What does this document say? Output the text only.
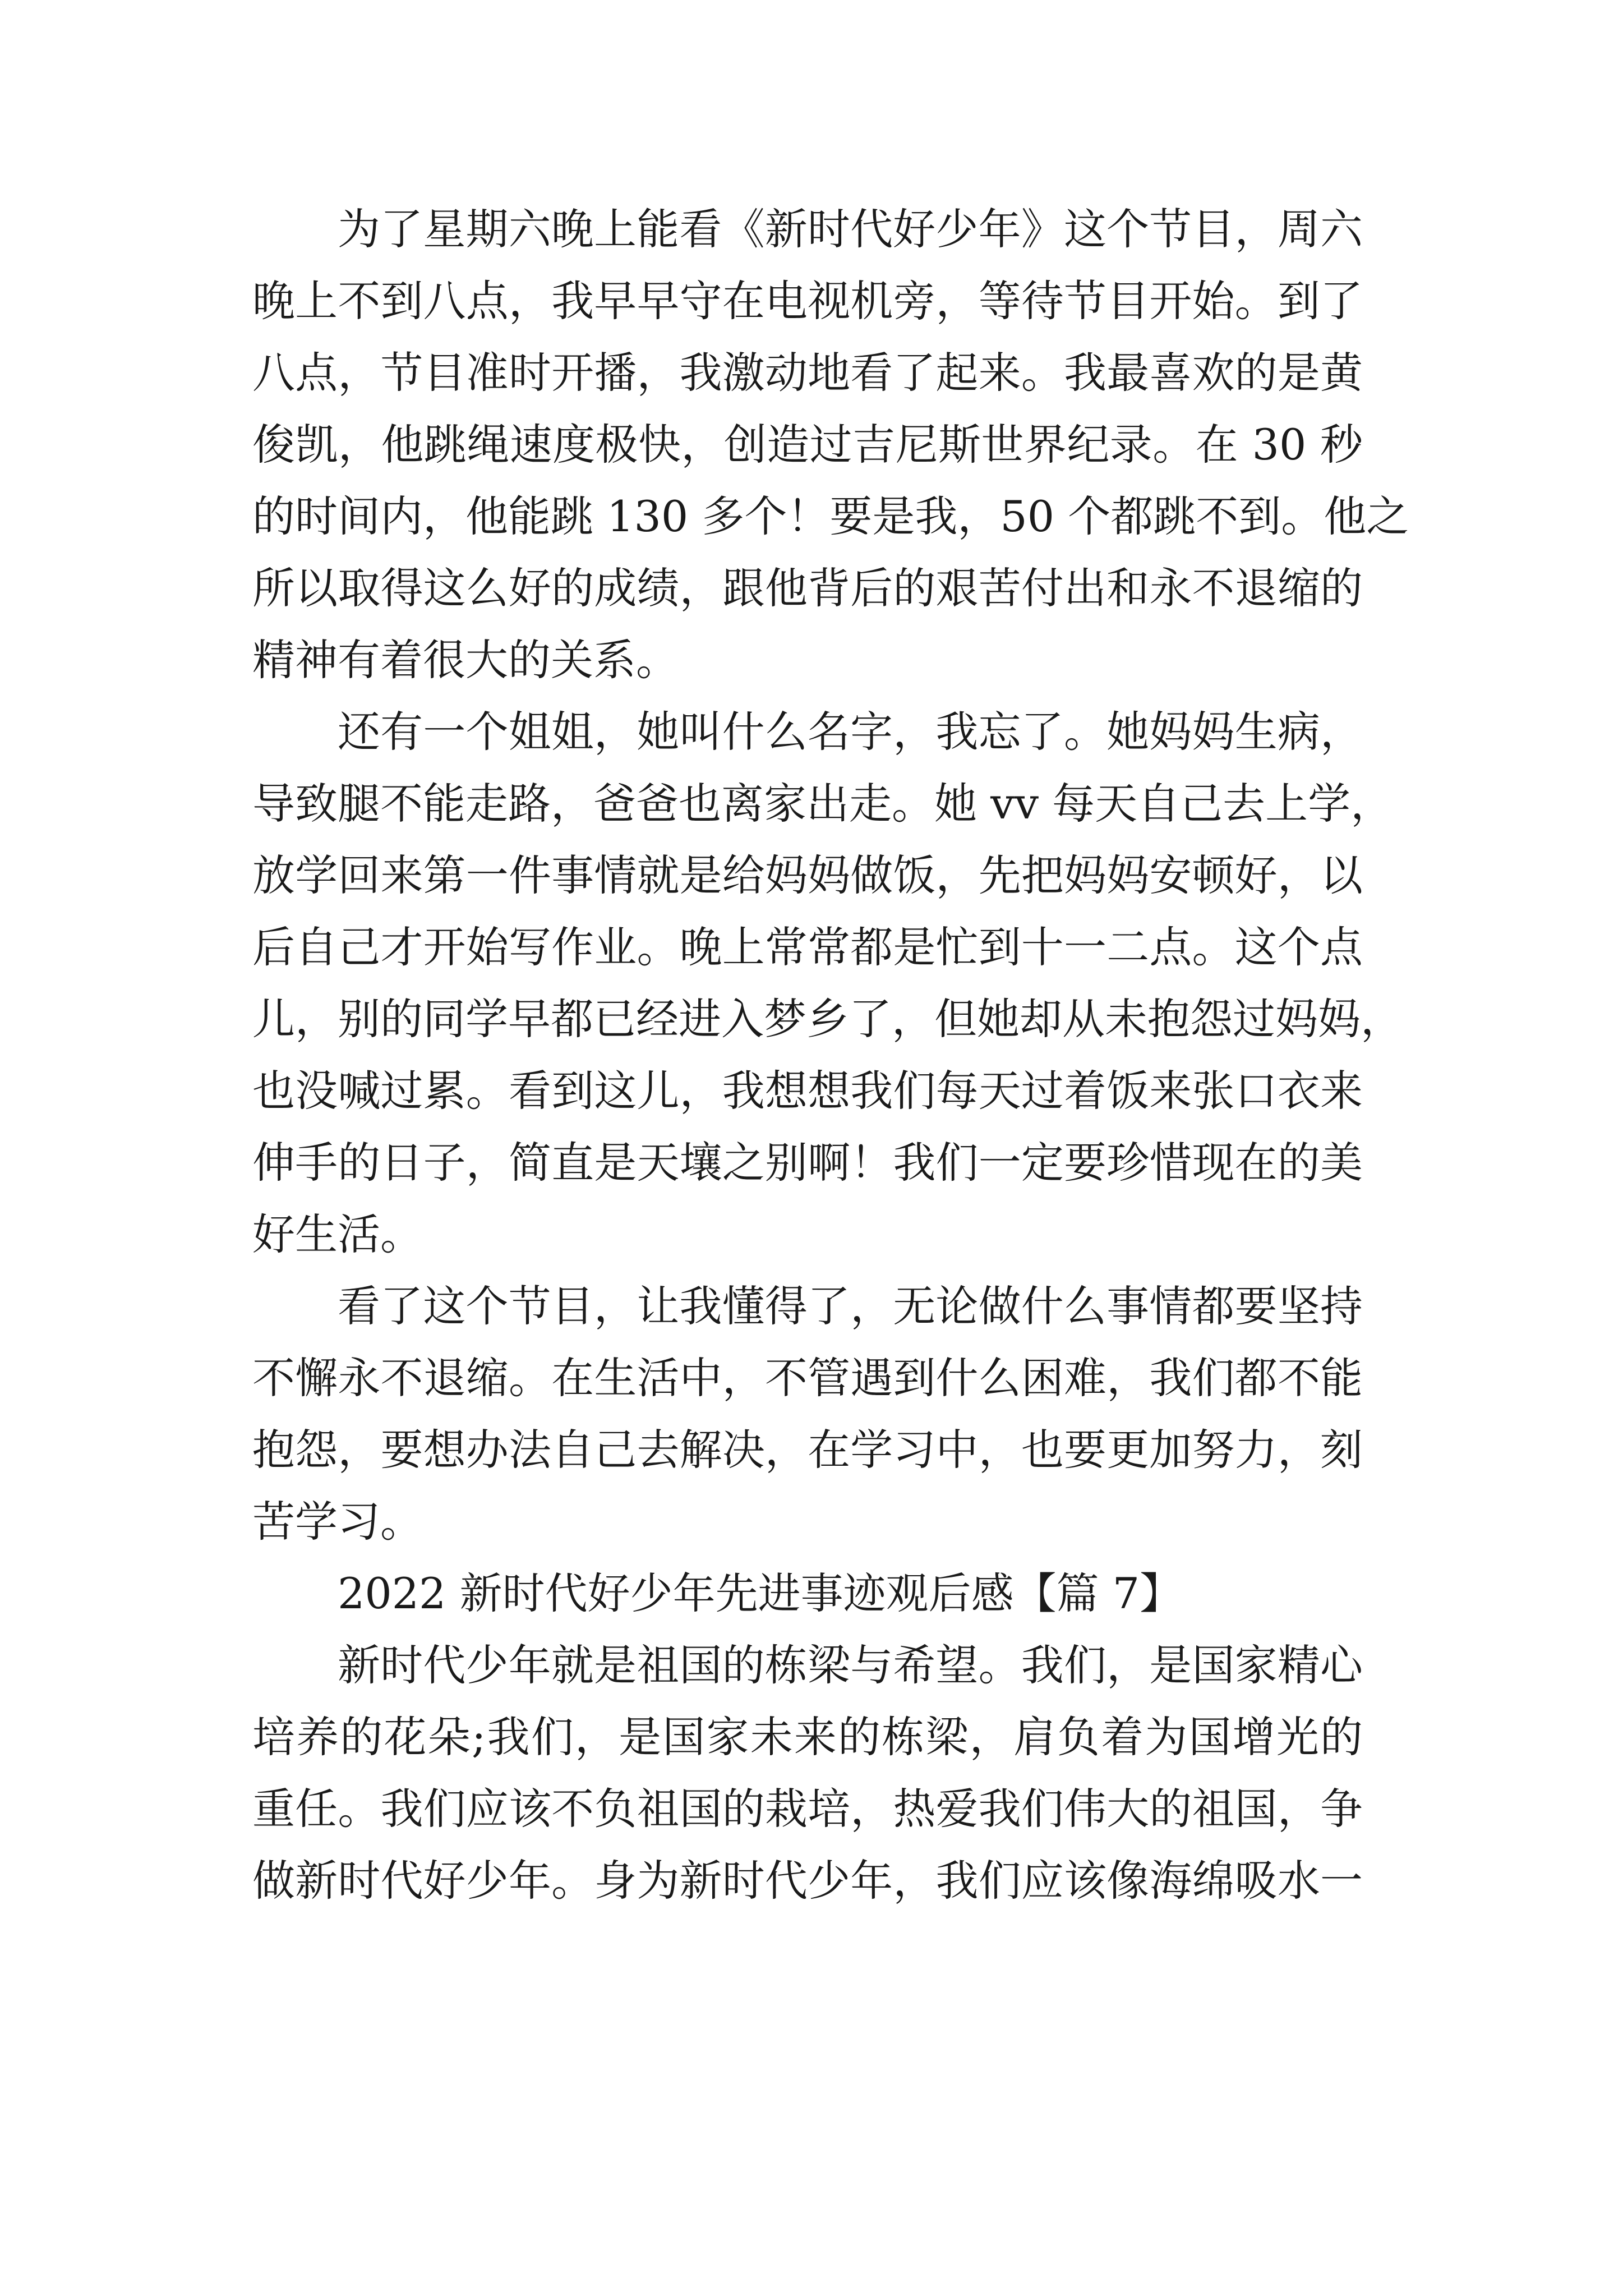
为了星期六晚上能看《新时代好少年》这个节目，周六
晚上不到八点，我早早守在电视机旁，等待节目开始。到了
八点，节目准时开播，我激动地看了起来。我最喜欢的是黄
俊凯，他跳绳速度极快，创造过吉尼斯世界纪录。在 30 秒
的时间内，他能跳 130 多个！要是我，50 个都跳不到。他之
所以取得这么好的成绩，跟他背后的艰苦付出和永不退缩的
精神有着很大的关系。
还有一个姐姐，她叫什么名字，我忘了。她妈妈生病，
导致腿不能走路，爸爸也离家出走。她 vv 每天自己去上学，
放学回来第一件事情就是给妈妈做饭，先把妈妈安顿好，以
后自己才开始写作业。晚上常常都是忙到十一二点。这个点
儿，别的同学早都已经进入梦乡了，但她却从未抱怨过妈妈，
也没喊过累。看到这儿，我想想我们每天过着饭来张口衣来
伸手的日子，简直是天壤之别啊！我们一定要珍惜现在的美
好生活。
看了这个节目，让我懂得了，无论做什么事情都要坚持
不懈永不退缩。在生活中，不管遇到什么困难，我们都不能
抱怨，要想办法自己去解决，在学习中，也要更加努力，刻
苦学习。
2022 新时代好少年先进事迹观后感【篇 7】
新时代少年就是祖国的栋梁与希望。我们，是国家精心
培养的花朵;我们，是国家未来的栋梁，肩负着为国增光的
重任。我们应该不负祖国的栽培，热爱我们伟大的祖国，争
做新时代好少年。身为新时代少年，我们应该像海绵吸水一
